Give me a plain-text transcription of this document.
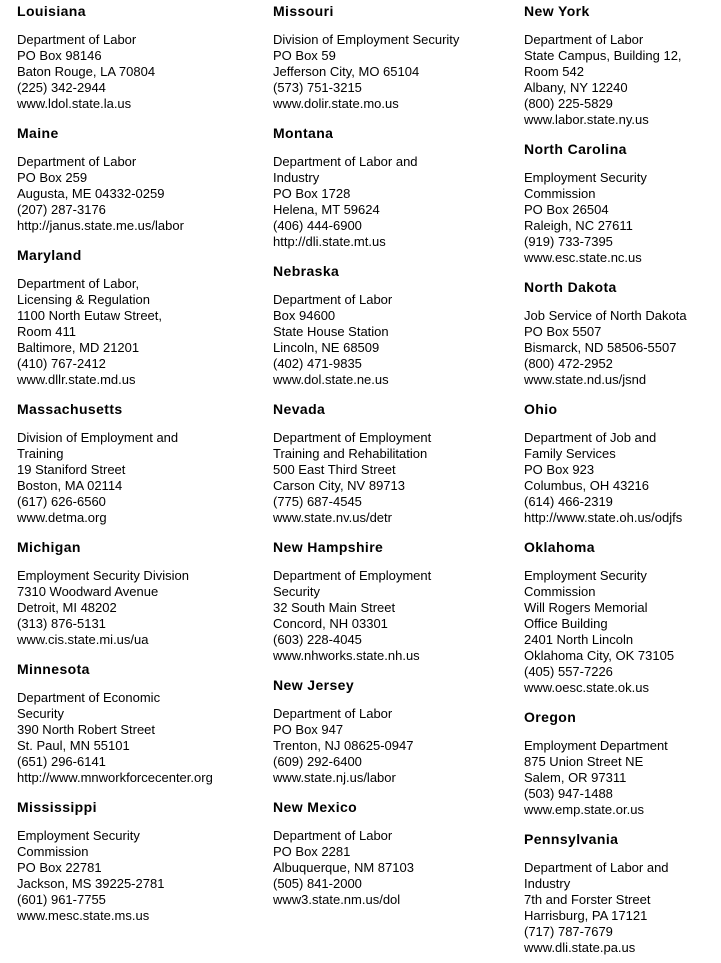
Louisiana
Department of Labor
PO Box 98146
Baton Rouge, LA 70804
(225) 342-2944
www.ldol.state.la.us
Maine
Department of Labor
PO Box 259
Augusta, ME 04332-0259
(207) 287-3176
http://janus.state.me.us/labor
Maryland
Department of Labor,
Licensing & Regulation
1100 North Eutaw Street,
Room 411
Baltimore, MD 21201
(410) 767-2412
www.dllr.state.md.us
Massachusetts
Division of Employment and
Training
19 Staniford Street
Boston, MA 02114
(617) 626-6560
www.detma.org
Michigan
Employment Security Division
7310 Woodward Avenue
Detroit, MI 48202
(313) 876-5131
www.cis.state.mi.us/ua
Minnesota
Department of Economic
Security
390 North Robert Street
St. Paul, MN 55101
(651) 296-6141
http://www.mnworkforcecenter.org
Mississippi
Employment Security
Commission
PO Box 22781
Jackson, MS 39225-2781
(601) 961-7755
www.mesc.state.ms.us
Missouri
Division of Employment Security
PO Box 59
Jefferson City, MO 65104
(573) 751-3215
www.dolir.state.mo.us
Montana
Department of Labor and
Industry
PO Box 1728
Helena, MT 59624
(406) 444-6900
http://dli.state.mt.us
Nebraska
Department of Labor
Box 94600
State House Station
Lincoln, NE 68509
(402) 471-9835
www.dol.state.ne.us
Nevada
Department of Employment
Training and Rehabilitation
500 East Third Street
Carson City, NV 89713
(775) 687-4545
www.state.nv.us/detr
New Hampshire
Department of Employment
Security
32 South Main Street
Concord, NH 03301
(603) 228-4045
www.nhworks.state.nh.us
New Jersey
Department of Labor
PO Box 947
Trenton, NJ 08625-0947
(609) 292-6400
www.state.nj.us/labor
New Mexico
Department of Labor
PO Box 2281
Albuquerque, NM 87103
(505) 841-2000
www3.state.nm.us/dol
New York
Department of Labor
State Campus, Building 12,
Room 542
Albany, NY 12240
(800) 225-5829
www.labor.state.ny.us
North Carolina
Employment Security
Commission
PO Box 26504
Raleigh, NC 27611
(919) 733-7395
www.esc.state.nc.us
North Dakota
Job Service of North Dakota
PO Box 5507
Bismarck, ND 58506-5507
(800) 472-2952
www.state.nd.us/jsnd
Ohio
Department of Job and
Family Services
PO Box 923
Columbus, OH 43216
(614) 466-2319
http://www.state.oh.us/odjfs
Oklahoma
Employment Security
Commission
Will Rogers Memorial
Office Building
2401 North Lincoln
Oklahoma City, OK 73105
(405) 557-7226
www.oesc.state.ok.us
Oregon
Employment Department
875 Union Street NE
Salem, OR 97311
(503) 947-1488
www.emp.state.or.us
Pennsylvania
Department of Labor and
Industry
7th and Forster Street
Harrisburg, PA 17121
(717) 787-7679
www.dli.state.pa.us
